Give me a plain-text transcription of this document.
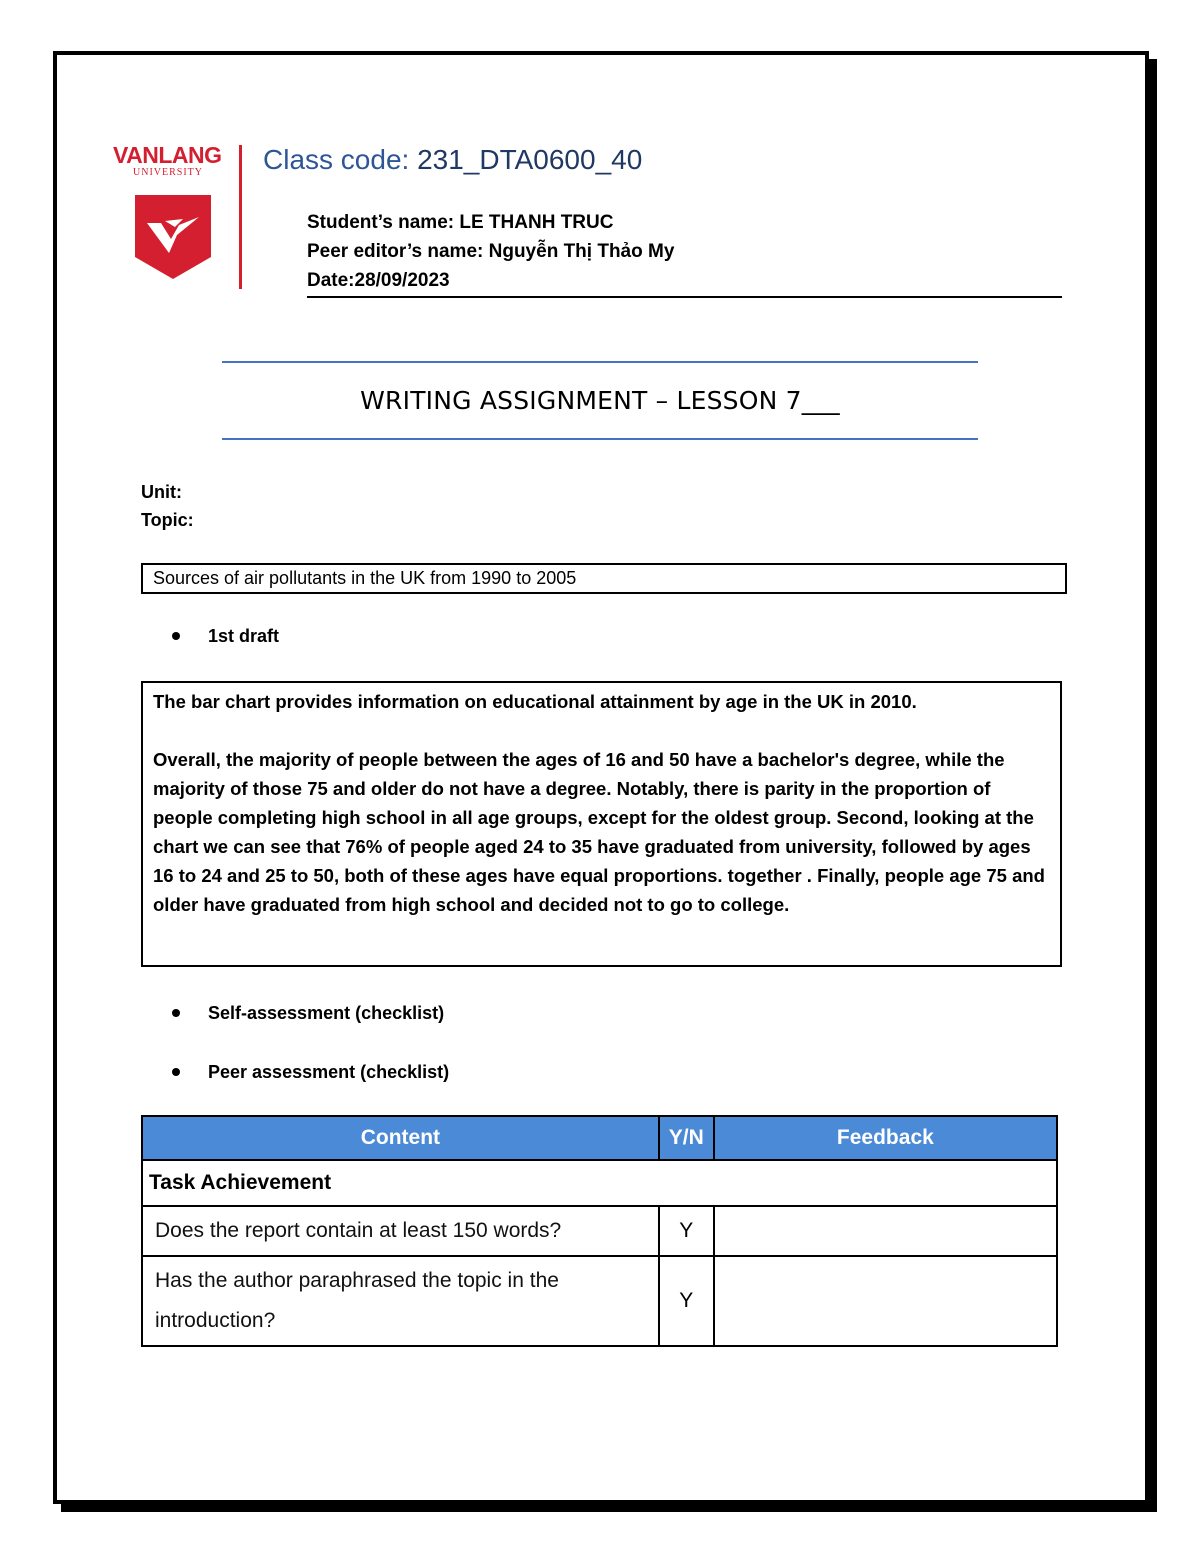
VANLANG
UNIVERSITY	Class code: 231_DTA0600_40
Student’s name: LE THANH TRUC
Peer editor’s name: Nguyễn Thị Thảo My
Date:28/09/2023
WRITING ASSIGNMENT – LESSON 7___
Unit:
Topic:
Sources of air pollutants in the UK from 1990 to 2005
1st draft

The bar chart provides information on educational attainment by age in the UK in 2010.

Overall, the majority of people between the ages of 16 and 50 have a bachelor's degree, while the majority of those 75 and older do not have a degree. Notably, there is parity in the proportion of people completing high school in all age groups, except for the oldest group. Second, looking at the chart we can see that 76% of people aged 24 to 35 have graduated from university, followed by ages 16 to 24 and 25 to 50, both of these ages have equal proportions. together . Finally, people age 75 and older have graduated from high school and decided not to go to college.

Self-assessment (checklist)
Peer assessment (checklist)
Content	Y/N	Feedback
Task Achievement		
Does the report contain at least 150 words?	Y	
Has the author paraphrased the topic in the introduction?	Y	
